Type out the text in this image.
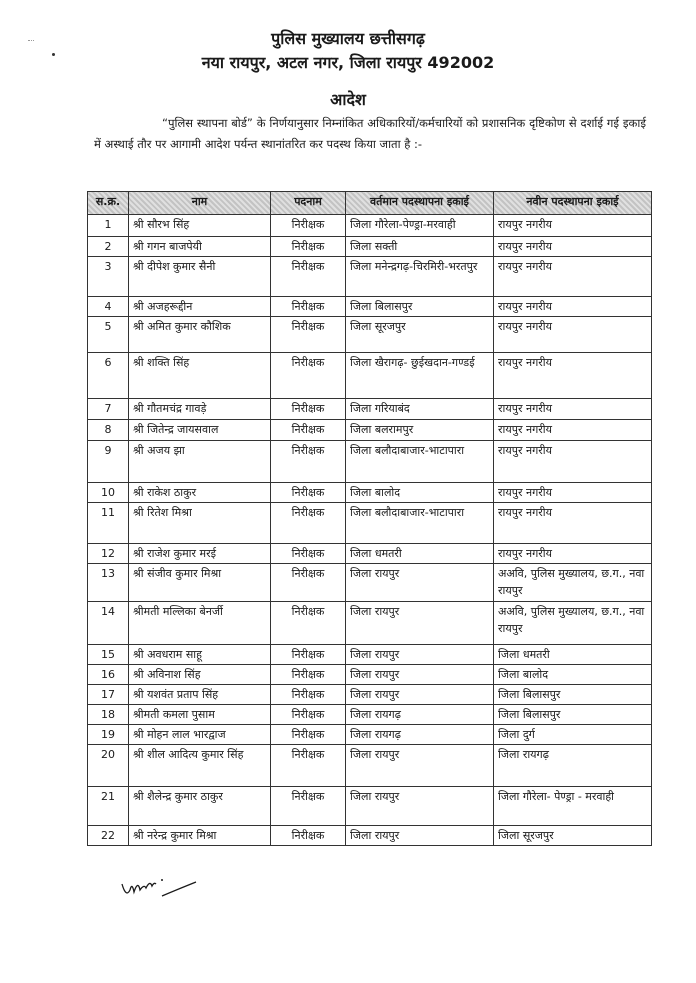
पुलिस मुख्यालय छत्तीसगढ़
नया रायपुर, अटल नगर, जिला रायपुर 492002
आदेश
“पुलिस स्थापना बोर्ड” के निर्णयानुसार निम्नांकित अधिकारियों/कर्मचारियों को प्रशासनिक दृष्टिकोण से दर्शाई गई इकाई में अस्थाई तौर पर आगामी आदेश पर्यन्त स्थानांतरित कर पदस्थ किया जाता है :-
स.क्र.	नाम	पदनाम	वर्तमान पदस्थापना इकाई	नवीन पदस्थापना इकाई
1	श्री सौरभ सिंह	निरीक्षक	जिला गौरेला-पेण्ड्रा-मरवाही	रायपुर नगरीय
2	श्री गगन बाजपेयी	निरीक्षक	जिला सक्ती	रायपुर नगरीय
3	श्री दीपेश कुमार सैनी	निरीक्षक	जिला मनेन्द्रगढ़-चिरमिरी-भरतपुर	रायपुर नगरीय
4	श्री अजहरूद्दीन	निरीक्षक	जिला बिलासपुर	रायपुर नगरीय
5	श्री अमित कुमार कौशिक	निरीक्षक	जिला सूरजपुर	रायपुर नगरीय
6	श्री शक्ति सिंह	निरीक्षक	जिला खैरागढ़- छुईखदान-गण्डई	रायपुर नगरीय
7	श्री गौतमचंद्र गावड़े	निरीक्षक	जिला गरियाबंद	रायपुर नगरीय
8	श्री जितेन्द्र जायसवाल	निरीक्षक	जिला बलरामपुर	रायपुर नगरीय
9	श्री अजय झा	निरीक्षक	जिला बलौदाबाजार-भाटापारा	रायपुर नगरीय
10	श्री राकेश ठाकुर	निरीक्षक	जिला बालोद	रायपुर नगरीय
11	श्री रितेश मिश्रा	निरीक्षक	जिला बलौदाबाजार-भाटापारा	रायपुर नगरीय
12	श्री राजेश कुमार मरई	निरीक्षक	जिला धमतरी	रायपुर नगरीय
13	श्री संजीव कुमार मिश्रा	निरीक्षक	जिला रायपुर	अअवि, पुलिस मुख्यालय, छ.ग., नवा रायपुर
14	श्रीमती मल्लिका बेनर्जी	निरीक्षक	जिला रायपुर	अअवि, पुलिस मुख्यालय, छ.ग., नवा रायपुर
15	श्री अवधराम साहू	निरीक्षक	जिला रायपुर	जिला धमतरी
16	श्री अविनाश सिंह	निरीक्षक	जिला रायपुर	जिला बालोद
17	श्री यशवंत प्रताप सिंह	निरीक्षक	जिला रायपुर	जिला बिलासपुर
18	श्रीमती कमला पुसाम	निरीक्षक	जिला रायगढ़	जिला बिलासपुर
19	श्री मोहन लाल भारद्वाज	निरीक्षक	जिला रायगढ़	जिला दुर्ग
20	श्री शील आदित्य कुमार सिंह	निरीक्षक	जिला रायपुर	जिला रायगढ़
21	श्री शैलेन्द्र कुमार ठाकुर	निरीक्षक	जिला रायपुर	जिला गौरेला- पेण्ड्रा - मरवाही
22	श्री नरेन्द्र कुमार मिश्रा	निरीक्षक	जिला रायपुर	जिला सूरजपुर
